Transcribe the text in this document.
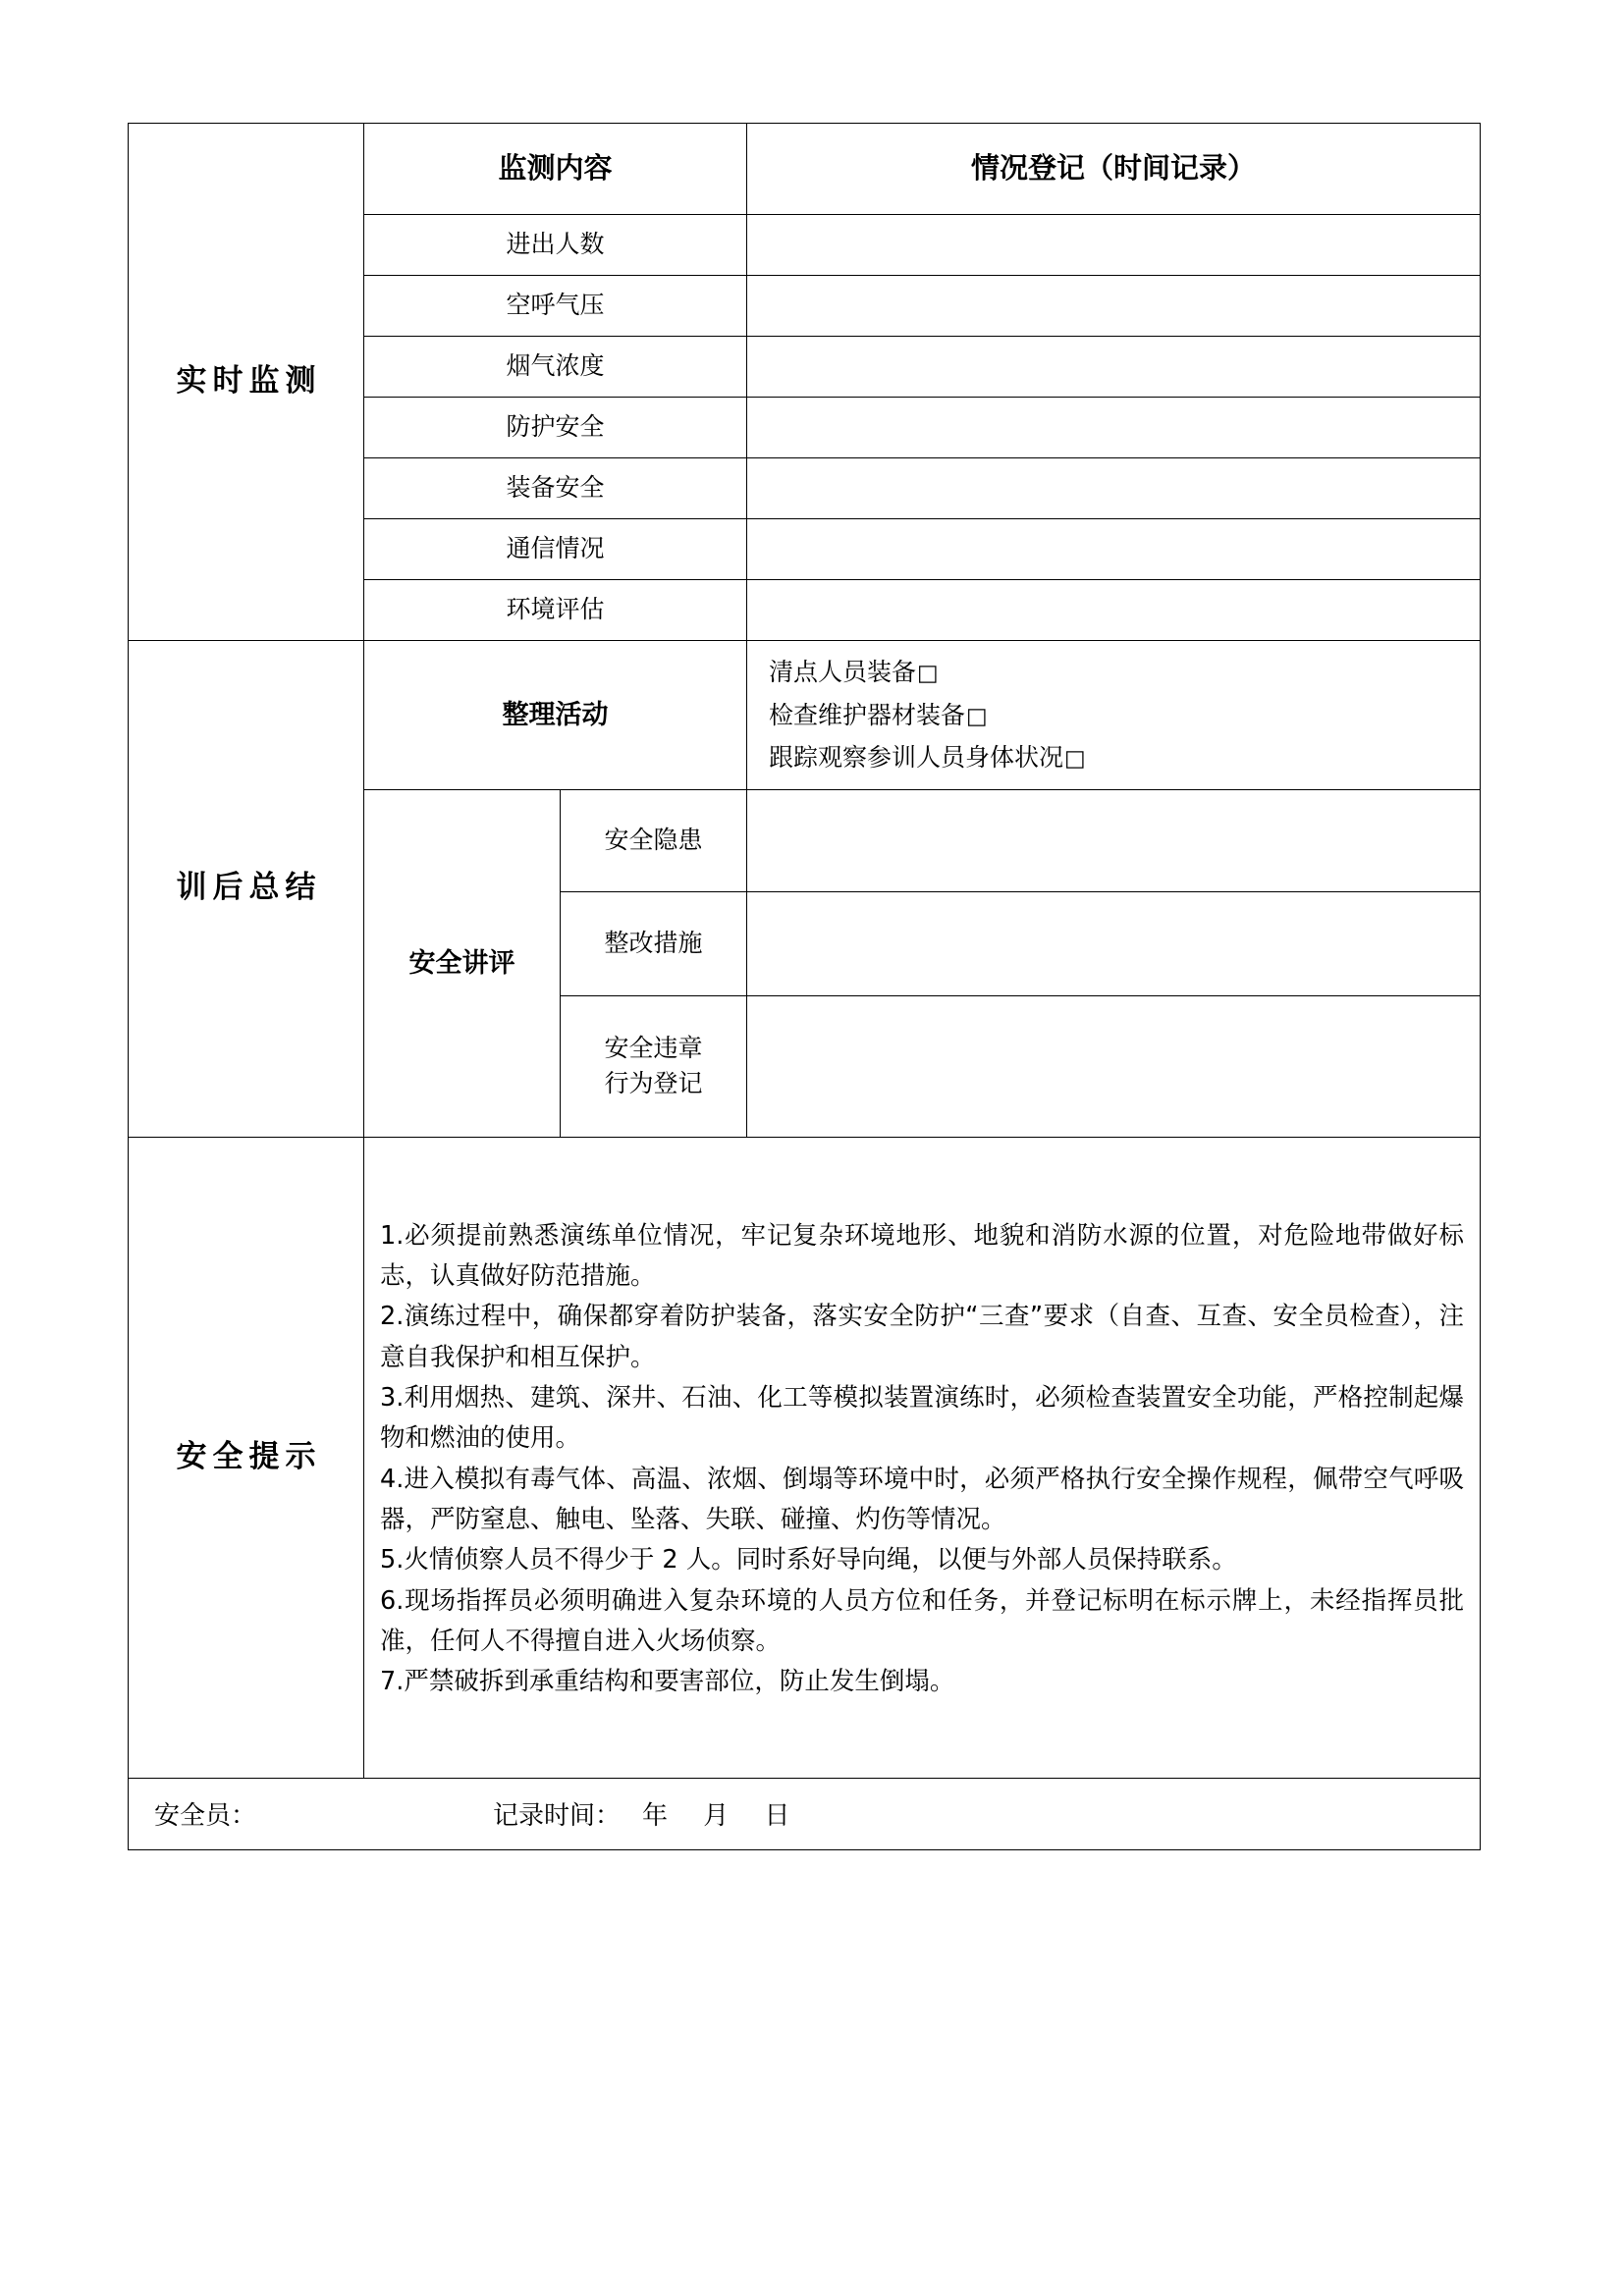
实时监测	监测内容		情况登记（时间记录）
	进出人数		
	空呼气压		
	烟气浓度		
	防护安全		
	装备安全		
	通信情况		
	环境评估		
训后总结	整理活动		清点人员装备□
检查维护器材装备□
跟踪观察参训人员身体状况□

	安全讲评	安全隐患	
		整改措施	

		安全违章
行为登记	

安全提示	

1.必须提前熟悉演练单位情况，牢记复杂环境地形、地貌和消防水源的位置，对危险地带做好标志，认真做好防范措施。

2.演练过程中，确保都穿着防护装备，落实安全防护“三查”要求（自查、互查、安全员检查），注意自我保护和相互保护。

3.利用烟热、建筑、深井、石油、化工等模拟装置演练时，必须检查装置安全功能，严格控制起爆物和燃油的使用。

4.进入模拟有毒气体、高温、浓烟、倒塌等环境中时，必须严格执行安全操作规程，佩带空气呼吸器，严防窒息、触电、坠落、失联、碰撞、灼伤等情况。

5.火情侦察人员不得少于 2 人。同时系好导向绳，以便与外部人员保持联系。

6.现场指挥员必须明确进入复杂环境的人员方位和任务，并登记标明在标示牌上，未经指挥员批准，任何人不得擅自进入火场侦察。

7.严禁破拆到承重结构和要害部位，防止发生倒塌。

安全员： 记录时间： 年 月 日			
